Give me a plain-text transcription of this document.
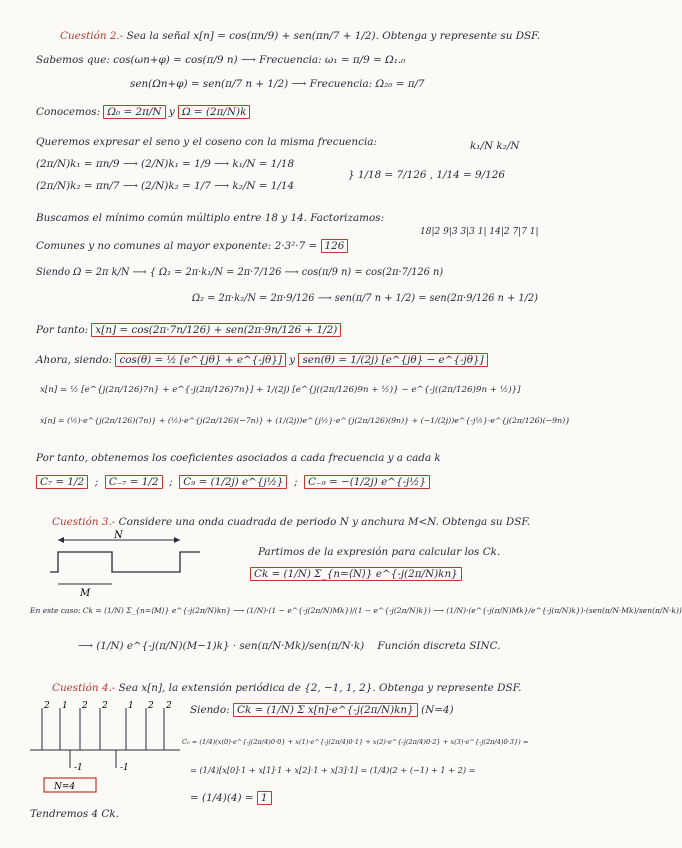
Cuestión 2.- Sea la señal x[n] = cos(πn/9) + sen(πn/7 + 1/2). Obtenga y represente su DSF.
Sabemos que: cos(ωn+φ) = cos(π/9 n) ⟶ Frecuencia: ω₁ = π/9 = Ω₁.₀
sen(Ωn+φ) = sen(π/7 n + 1/2) ⟶ Frecuencia: Ω₂₀ = π/7
Conocemos: Ω₀ = 2π/N y Ω = (2π/N)k
Queremos expresar el seno y el coseno con la misma frecuencia:	k₁/N k₂/N
(2π/N)k₁ = πn/9 ⟶ (2/N)k₁ = 1/9 ⟶ k₁/N = 1/18
(2π/N)k₂ = πn/7 ⟶ (2/N)k₂ = 1/7 ⟶ k₂/N = 1/14
} 1/18 = 7/126 , 1/14 = 9/126
Buscamos el mínimo común múltiplo entre 18 y 14. Factorizamos:
18|2 9|3 3|3 1| 14|2 7|7 1|
Comunes y no comunes al mayor exponente: 2·3²·7 = 126
Siendo Ω = 2π k/N ⟶ { Ω₁ = 2π·k₁/N = 2π·7/126 ⟶ cos(π/9 n) = cos(2π·7/126 n)
Ω₂ = 2π·k₂/N = 2π·9/126 ⟶ sen(π/7 n + 1/2) = sen(2π·9/126 n + 1/2)
Por tanto: x[n] = cos(2π·7n/126) + sen(2π·9n/126 + 1/2)
Ahora, siendo: cos(θ) = ½ [e^{jθ} + e^{-jθ}] y sen(θ) = 1/(2j) [e^{jθ} − e^{-jθ}]
x[n] = ½ [e^{j(2π/126)7n} + e^{-j(2π/126)7n}] + 1/(2j) [e^{j((2π/126)9n + ½)} − e^{-j((2π/126)9n + ½)}]
x[n] = (½)·e^{j(2π/126)(7n)} + (½)·e^{j(2π/126)(−7n)} + (1/(2j))e^{j½}·e^{j(2π/126)(9n)} + (−1/(2j))e^{-j½}·e^{j(2π/126)(−9n)}
Por tanto, obtenemos los coeficientes asociados a cada frecuencia y a cada k
C₇ = 1/2  ;  C₋₇ = 1/2  ;  C₉ = (1/2j) e^{j½}  ;  C₋₉ = −(1/2j) e^{-j½}
Cuestión 3.- Considere una onda cuadrada de periodo N y anchura M<N. Obtenga su DSF.
N
M
Partimos de la expresión para calcular los Ck.
Ck = (1/N) Σ_{n=⟨N⟩} e^{-j(2π/N)kn}
En este caso: Ck = (1/N) Σ_{n=⟨M⟩} e^{-j(2π/N)kn} ⟶ (1/N)·(1 − e^{-j(2π/N)Mk})/(1 − e^{-j(2π/N)k}) ⟶ (1/N)·(e^{-j(π/N)Mk}/e^{-j(π/N)k})·(sen(π/N·Mk)/sen(π/N·k))
⟶ (1/N) e^{-j(π/N)(M−1)k} · sen(π/N·Mk)/sen(π/N·k) Función discreta SINC.
Cuestión 4.- Sea x[n], la extensión periódica de {2, −1, 1, 2}. Obtenga y represente DSF.
2 1 2 2 1 2 2
-1	-1
N=4
Tendremos 4 Ck.
Siendo: Ck = (1/N) Σ x[n]·e^{-j(2π/N)kn} (N=4)
C₀ = (1/4)(x(0)·e^{-j(2π/4)0·0} + x(1)·e^{-j(2π/4)0·1} + x(2)·e^{-j(2π/4)0·2} + x(3)·e^{-j(2π/4)0·3}) =
= (1/4)[x[0]·1 + x[1]·1 + x[2]·1 + x[3]·1] = (1/4)(2 + (−1) + 1 + 2) =
= (1/4)(4) = 1
